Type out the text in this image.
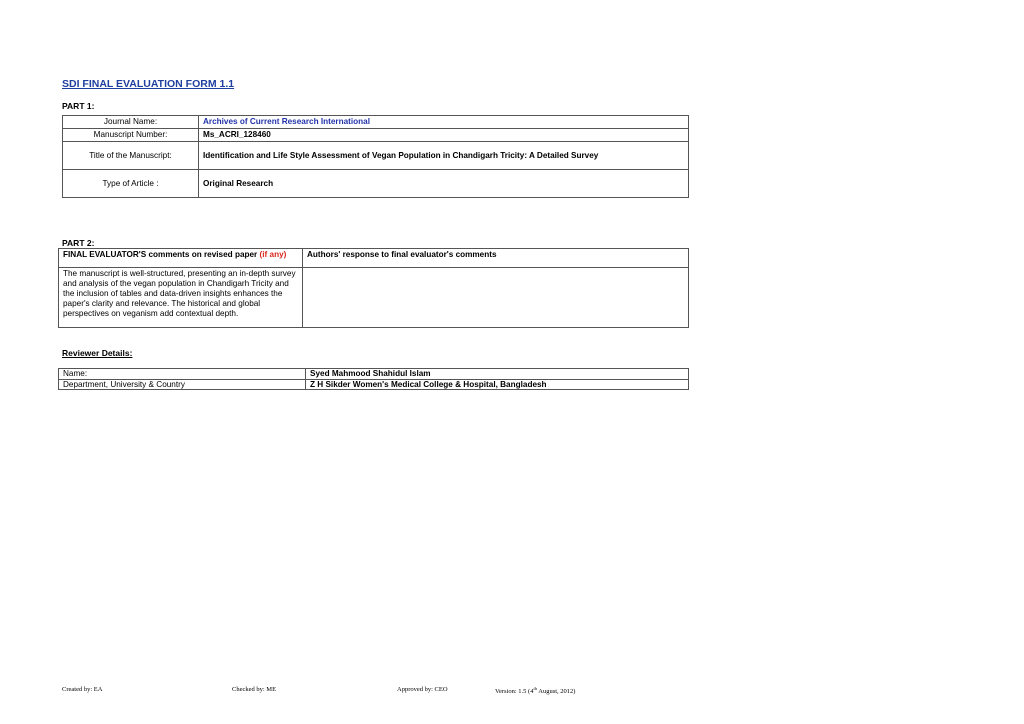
SDI FINAL EVALUATION FORM 1.1
PART 1:
Journal Name:	Archives of Current Research International
Manuscript Number:	Ms_ACRI_128460
Title of the Manuscript:	Identification and Life Style Assessment of Vegan Population in Chandigarh Tricity: A Detailed Survey
Type of Article :	Original Research
PART 2:
FINAL EVALUATOR'S comments on revised paper (if any)	Authors' response to final evaluator's comments
The manuscript is well-structured, presenting an in-depth survey and analysis of the vegan population in Chandigarh Tricity and the inclusion of tables and data-driven insights enhances the paper's clarity and relevance. The historical and global perspectives on veganism add contextual depth.	
Reviewer Details:
Name:	Syed Mahmood Shahidul Islam
Department, University & Country	Z H Sikder Women's Medical College & Hospital, Bangladesh
Created by: EA	Checked by: ME	Approved by: CEO	Version: 1.5 (4th August, 2012)
